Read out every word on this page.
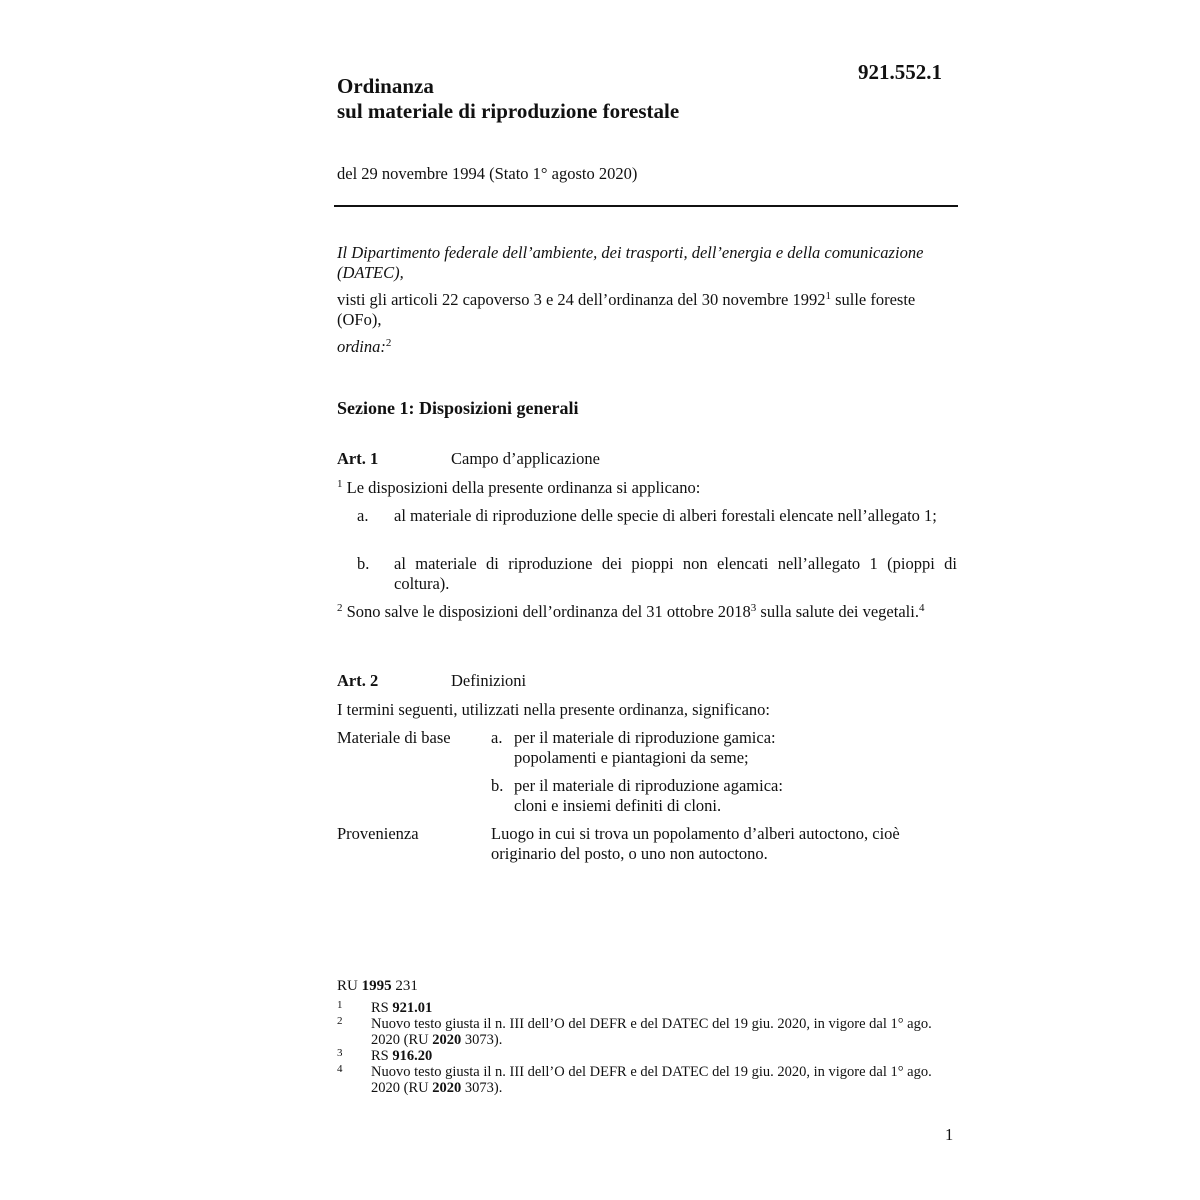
921.552.1
Ordinanza
sul materiale di riproduzione forestale
del 29 novembre 1994 (Stato 1° agosto 2020)
Il Dipartimento federale dell’ambiente, dei trasporti, dell’energia e della comunicazione (DATEC),
visti gli articoli 22 capoverso 3 e 24 dell’ordinanza del 30 novembre 1992$^1$ sulle foreste (OFo),
ordina:$^2$
Sezione 1: Disposizioni generali
Art. 1	Campo d’applicazione
$^1$ Le disposizioni della presente ordinanza si applicano:
a. al materiale di riproduzione delle specie di alberi forestali elencate nell’allegato 1;
b. al materiale di riproduzione dei pioppi non elencati nell’allegato 1 (pioppi di coltura).
$^2$ Sono salve le disposizioni dell’ordinanza del 31 ottobre 2018$^3$ sulla salute dei vegetali.$^4$
Art. 2	Definizioni
I termini seguenti, utilizzati nella presente ordinanza, significano:
Materiale di base a. per il materiale di riproduzione gamica:
popolamenti e piantagioni da seme;
b. per il materiale di riproduzione agamica:
cloni e insiemi definiti di cloni.
Provenienza	Luogo in cui si trova un popolamento d’alberi autoctono, cioè originario del posto, o uno non autoctono.
RU 1995 231
1 RS 921.01
2 Nuovo testo giusta il n. III dell’O del DEFR e del DATEC del 19 giu. 2020, in vigore dal 1° ago. 2020 (RU 2020 3073).
3 RS 916.20
4 Nuovo testo giusta il n. III dell’O del DEFR e del DATEC del 19 giu. 2020, in vigore dal 1° ago. 2020 (RU 2020 3073).
1
